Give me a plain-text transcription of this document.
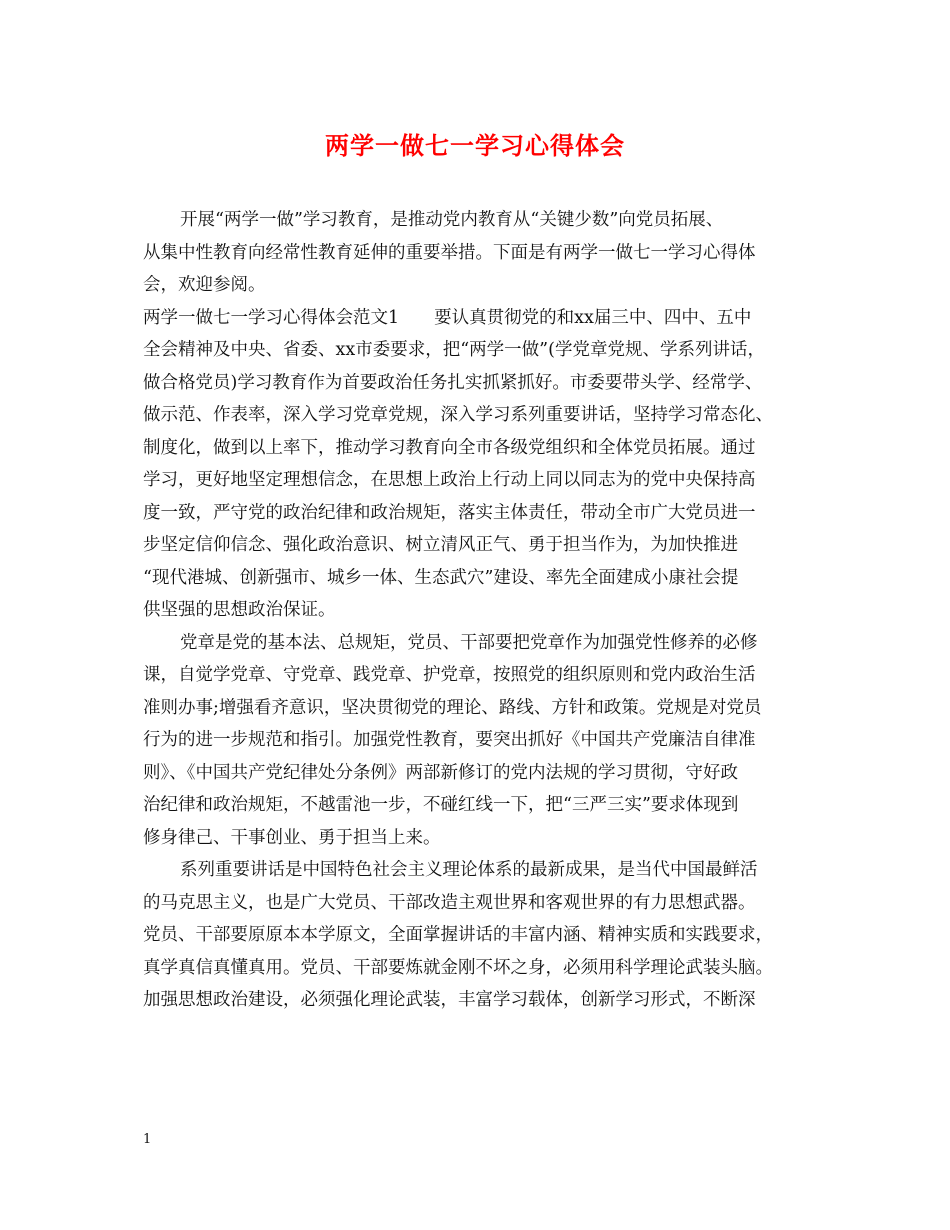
两学一做七一学习心得体会
开展“两学一做”学习教育，是推动党内教育从“关键少数”向党员拓展、
从集中性教育向经常性教育延伸的重要举措。下面是有两学一做七一学习心得体
会，欢迎参阅。
两学一做七一学习心得体会范文1　　要认真贯彻党的和xx届三中、四中、五中
全会精神及中央、省委、xx市委要求，把“两学一做”(学党章党规、学系列讲话，
做合格党员)学习教育作为首要政治任务扎实抓紧抓好。市委要带头学、经常学、
做示范、作表率，深入学习党章党规，深入学习系列重要讲话，坚持学习常态化、
制度化，做到以上率下，推动学习教育向全市各级党组织和全体党员拓展。通过
学习，更好地坚定理想信念，在思想上政治上行动上同以同志为的党中央保持高
度一致，严守党的政治纪律和政治规矩，落实主体责任，带动全市广大党员进一
步坚定信仰信念、强化政治意识、树立清风正气、勇于担当作为，为加快推进
“现代港城、创新强市、城乡一体、生态武穴”建设、率先全面建成小康社会提
供坚强的思想政治保证。
党章是党的基本法、总规矩，党员、干部要把党章作为加强党性修养的必修
课，自觉学党章、守党章、践党章、护党章，按照党的组织原则和党内政治生活
准则办事;增强看齐意识，坚决贯彻党的理论、路线、方针和政策。党规是对党员
行为的进一步规范和指引。加强党性教育，要突出抓好《中国共产党廉洁自律准
则》、《中国共产党纪律处分条例》两部新修订的党内法规的学习贯彻，守好政
治纪律和政治规矩，不越雷池一步，不碰红线一下，把“三严三实”要求体现到
修身律己、干事创业、勇于担当上来。
系列重要讲话是中国特色社会主义理论体系的最新成果，是当代中国最鲜活
的马克思主义，也是广大党员、干部改造主观世界和客观世界的有力思想武器。
党员、干部要原原本本学原文，全面掌握讲话的丰富内涵、精神实质和实践要求，
真学真信真懂真用。党员、干部要炼就金刚不坏之身，必须用科学理论武装头脑。
加强思想政治建设，必须强化理论武装，丰富学习载体，创新学习形式，不断深
1
